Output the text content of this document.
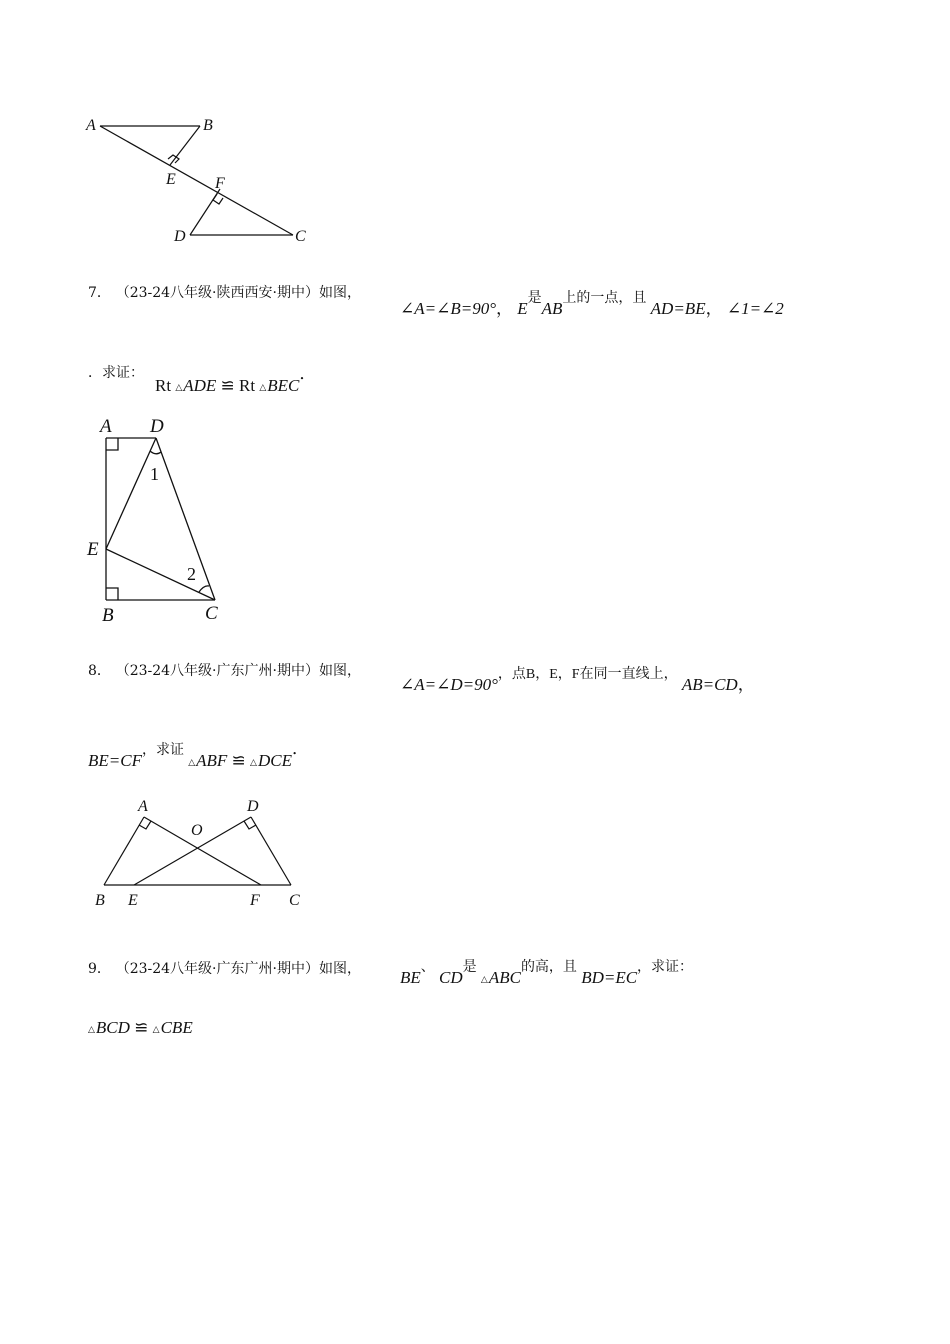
A	B
E F
D	C
7． （23-24八年级·陕西西安·期中）如图，
∠A=∠B=90°， $E^是AB^{上的一点,且}$ AD=BE， ∠1=∠2
．求证：
Rt △ADE ≌ Rt △BEC．
A D
1
E
2
B	C
8． （23-24八年级·广东广州·期中）如图，
∠A=∠D=90°$^{,点B,E,F在同一直线上,}$ AB=CD，
$BE=CF^{,求证}$ △ABF ≌ △DCE．
A	D
O
B E	F C
9． （23-24八年级·广东广州·期中）如图， BE、 $CD^是$ $\triangle ABC^{的高,且}$ $BD=EC^{,求证:}$
△BCD ≌ △CBE
